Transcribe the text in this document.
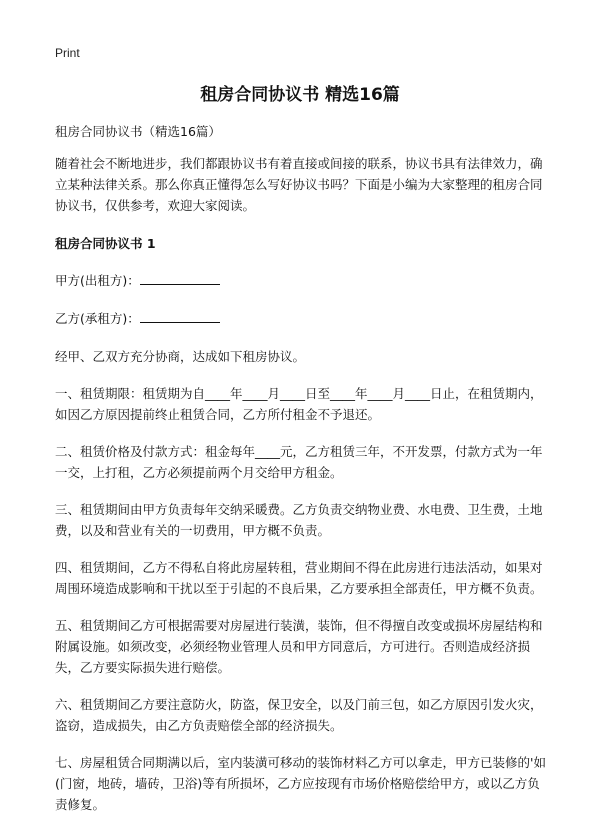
Print
租房合同协议书 精选16篇

租房合同协议书（精选16篇）

随着社会不断地进步，我们都跟协议书有着直接或间接的联系，协议书具有法律效力，确立某种法律关系。那么你真正懂得怎么写好协议书吗？下面是小编为大家整理的租房合同协议书，仅供参考，欢迎大家阅读。

租房合同协议书 1

甲方(出租方)：

乙方(承租方)：

经甲、乙双方充分协商，达成如下租房协议。

一、租赁期限：租赁期为自____年____月____日至____年____月____日止，在租赁期内，如因乙方原因提前终止租赁合同，乙方所付租金不予退还。

二、租赁价格及付款方式：租金每年____元，乙方租赁三年，不开发票，付款方式为一年一交，上打租，乙方必须提前两个月交给甲方租金。

三、租赁期间由甲方负责每年交纳采暖费。乙方负责交纳物业费、水电费、卫生费，土地费，以及和营业有关的一切费用，甲方概不负责。

四、租赁期间，乙方不得私自将此房屋转租，营业期间不得在此房进行违法活动，如果对周围环境造成影响和干扰以至于引起的不良后果，乙方要承担全部责任，甲方概不负责。

五、租赁期间乙方可根据需要对房屋进行装潢，装饰，但不得擅自改变或损坏房屋结构和附属设施。如须改变，必须经物业管理人员和甲方同意后，方可进行。否则造成经济损失，乙方要实际损失进行赔偿。

六、租赁期间乙方要注意防火，防盗，保卫安全，以及门前三包，如乙方原因引发火灾，盗窃，造成损失，由乙方负责赔偿全部的经济损失。

七、房屋租赁合同期满以后，室内装潢可移动的装饰材料乙方可以拿走，甲方已装修的'如(门窗，地砖，墙砖，卫浴)等有所损坏，乙方应按现有市场价格赔偿给甲方，或以乙方负责修复。
